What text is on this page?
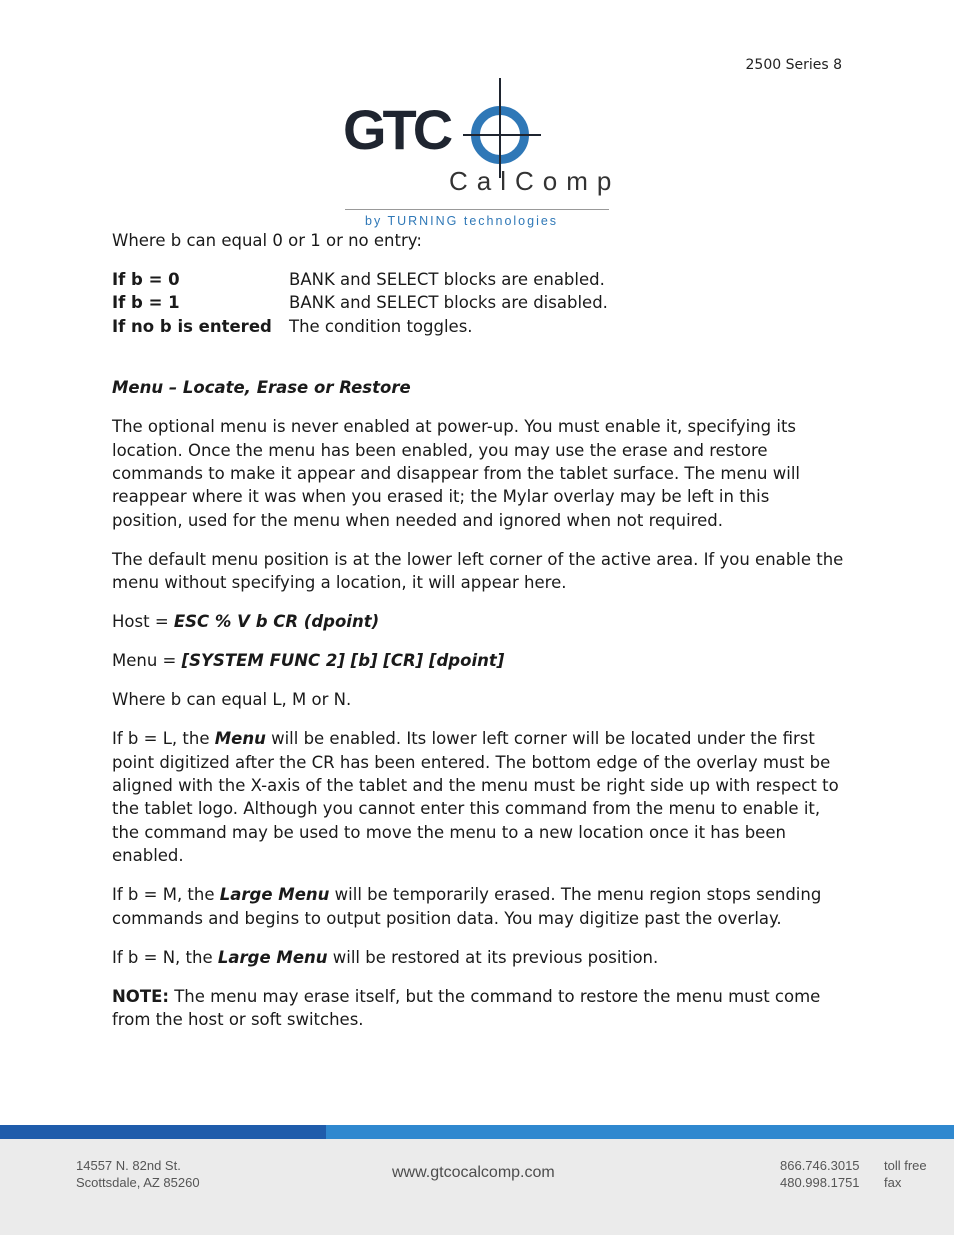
2500 Series 8
GTC
CalComp
by TURNING technologies

Where b can equal 0 or 1 or no entry:

If b = 0	BANK and SELECT blocks are enabled.
If b = 1	BANK and SELECT blocks are disabled.
If no b is entered	The condition toggles.

Menu – Locate, Erase or Restore

The optional menu is never enabled at power-up. You must enable it, specifying its location. Once the menu has been enabled, you may use the erase and restore commands to make it appear and disappear from the tablet surface. The menu will reappear where it was when you erased it; the Mylar overlay may be left in this position, used for the menu when needed and ignored when not required.

The default menu position is at the lower left corner of the active area. If you enable the menu without specifying a location, it will appear here.

Host = ESC % V b CR (dpoint)

Menu = [SYSTEM FUNC 2] [b] [CR] [dpoint]

Where b can equal L, M or N.

If b = L, the Menu will be enabled. Its lower left corner will be located under the first point digitized after the CR has been entered. The bottom edge of the overlay must be aligned with the X-axis of the tablet and the menu must be right side up with respect to the tablet logo. Although you cannot enter this command from the menu to enable it, the command may be used to move the menu to a new location once it has been enabled.

If b = M, the Large Menu will be temporarily erased. The menu region stops sending commands and begins to output position data. You may digitize past the overlay.

If b = N, the Large Menu will be restored at its previous position.

NOTE: The menu may erase itself, but the command to restore the menu must come from the host or soft switches.

14557 N. 82nd St.
Scottsdale, AZ 85260
www.gtcocalcomp.com	866.746.3015
480.998.1751
toll free
fax
